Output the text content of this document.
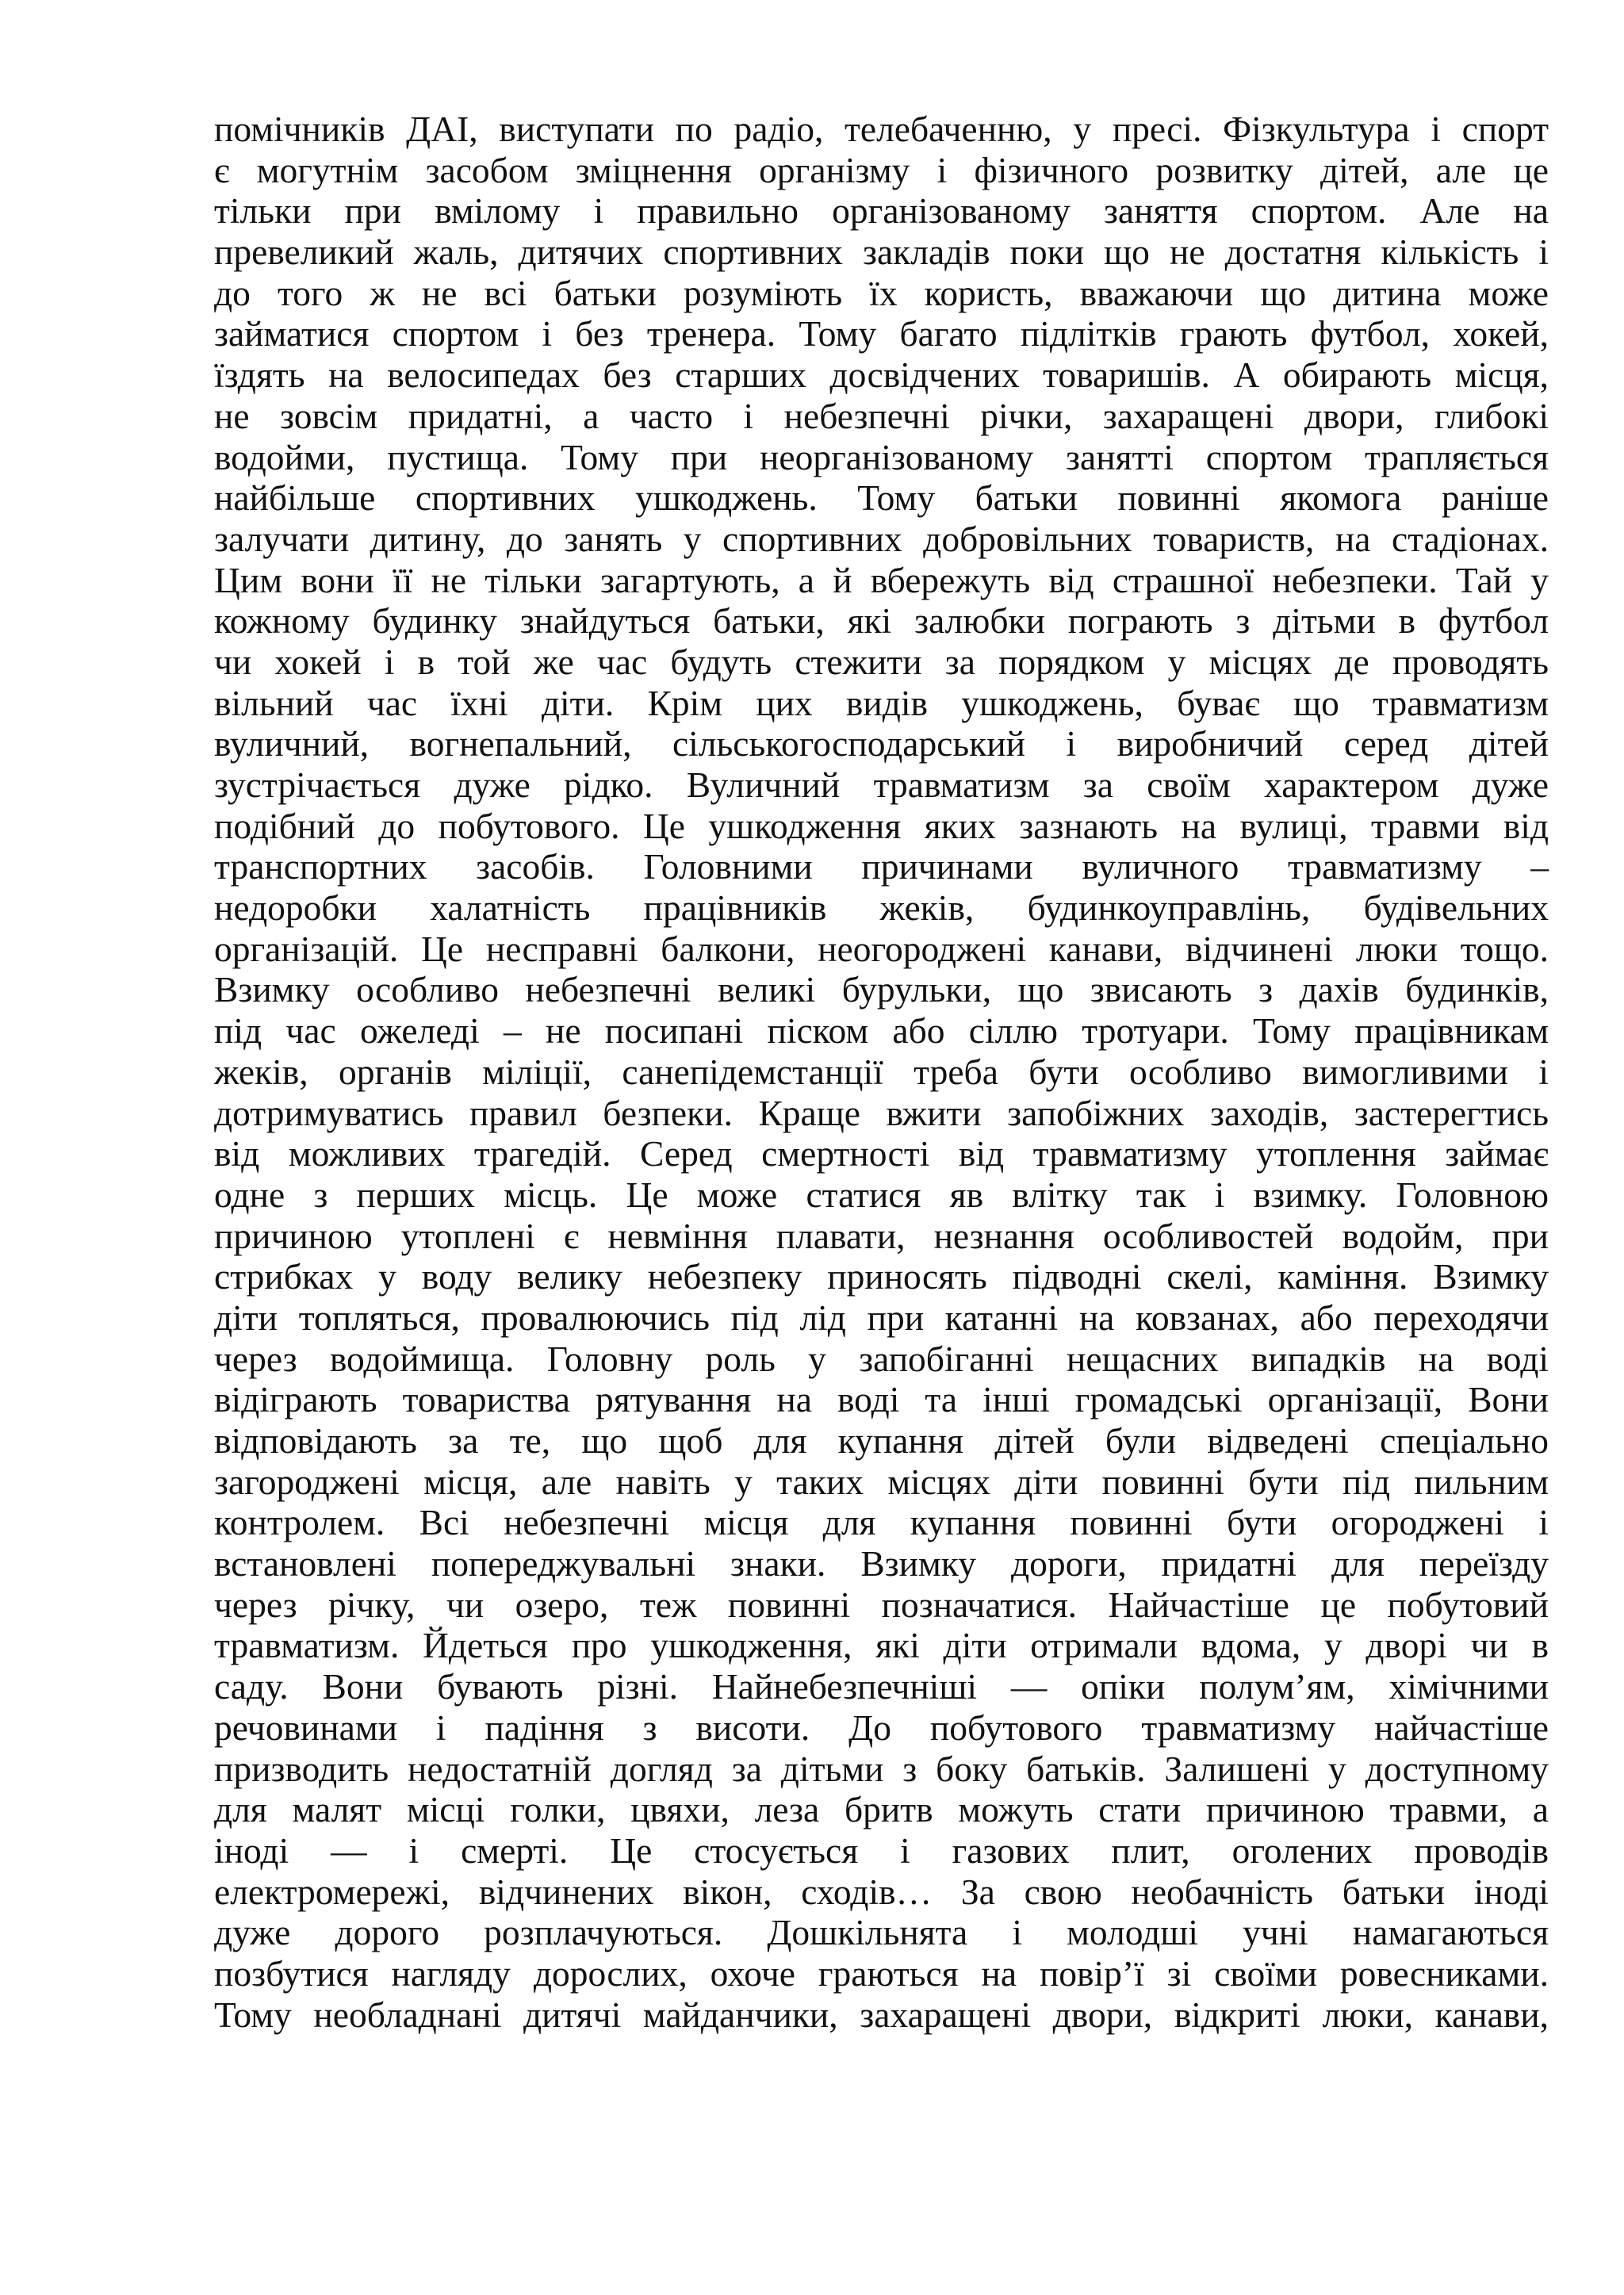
помічників ДАІ, виступати по радіо, телебаченню, у пресі. Фізкультура і спорт
є могутнім засобом зміцнення організму і фізичного розвитку дітей, але це
тільки при вмілому і правильно організованому заняття спортом. Але на
превеликий жаль, дитячих спортивних закладів поки що не достатня кількість і
до того ж не всі батьки розуміють їх користь, вважаючи що дитина може
займатися спортом і без тренера. Тому багато підлітків грають футбол, хокей,
їздять на велосипедах без старших досвідчених товаришів. А обирають місця,
не зовсім придатні, а часто і небезпечні річки, захаращені двори, глибокі
водойми, пустища. Тому при неорганізованому занятті спортом трапляється
найбільше спортивних ушкоджень. Тому батьки повинні якомога раніше
залучати дитину, до занять у спортивних добровільних товариств, на стадіонах.
Цим вони її не тільки загартують, а й вбережуть від страшної небезпеки. Тай у
кожному будинку знайдуться батьки, які залюбки пограють з дітьми в футбол
чи хокей і в той же час будуть стежити за порядком у місцях де проводять
вільний час їхні діти. Крім цих видів ушкоджень, буває що травматизм
вуличний, вогнепальний, сільськогосподарський і виробничий серед дітей
зустрічається дуже рідко. Вуличний травматизм за своїм характером дуже
подібний до побутового. Це ушкодження яких зазнають на вулиці, травми від
транспортних засобів. Головними причинами вуличного травматизму –
недоробки халатність працівників жеків, будинкоуправлінь, будівельних
організацій. Це несправні балкони, неогороджені канави, відчинені люки тощо.
Взимку особливо небезпечні великі бурульки, що звисають з дахів будинків,
під час ожеледі – не посипані піском або сіллю тротуари. Тому працівникам
жеків, органів міліції, санепідемстанції треба бути особливо вимогливими і
дотримуватись правил безпеки. Краще вжити запобіжних заходів, застерегтись
від можливих трагедій. Серед смертності від травматизму утоплення займає
одне з перших місць. Це може статися яв влітку так і взимку. Головною
причиною утоплені є невміння плавати, незнання особливостей водойм, при
стрибках у воду велику небезпеку приносять підводні скелі, каміння. Взимку
діти топляться, провалюючись під лід при катанні на ковзанах, або переходячи
через водоймища. Головну роль у запобіганні нещасних випадків на воді
відіграють товариства рятування на воді та інші громадські організації, Вони
відповідають за те, що щоб для купання дітей були відведені спеціально
загороджені місця, але навіть у таких місцях діти повинні бути під пильним
контролем. Всі небезпечні місця для купання повинні бути огороджені і
встановлені попереджувальні знаки. Взимку дороги, придатні для переїзду
через річку, чи озеро, теж повинні позначатися. Найчастіше це побутовий
травматизм. Йдеться про ушкодження, які діти отримали вдома, у дворі чи в
саду. Вони бувають різні. Найнебезпечніші — опіки полум’ям, хімічними
речовинами і падіння з висоти. До побутового травматизму найчастіше
призводить недостатній догляд за дітьми з боку батьків. Залишені у доступному
для малят місці голки, цвяхи, леза бритв можуть стати причиною травми, а
іноді — і смерті. Це стосується і газових плит, оголених проводів
електромережі, відчинених вікон, сходів… За свою необачність батьки іноді
дуже дорого розплачуються. Дошкільнята і молодші учні намагаються
позбутися нагляду дорослих, охоче граються на повір’ї зі своїми ровесниками.
Тому необладнані дитячі майданчики, захаращені двори, відкриті люки, канави,
